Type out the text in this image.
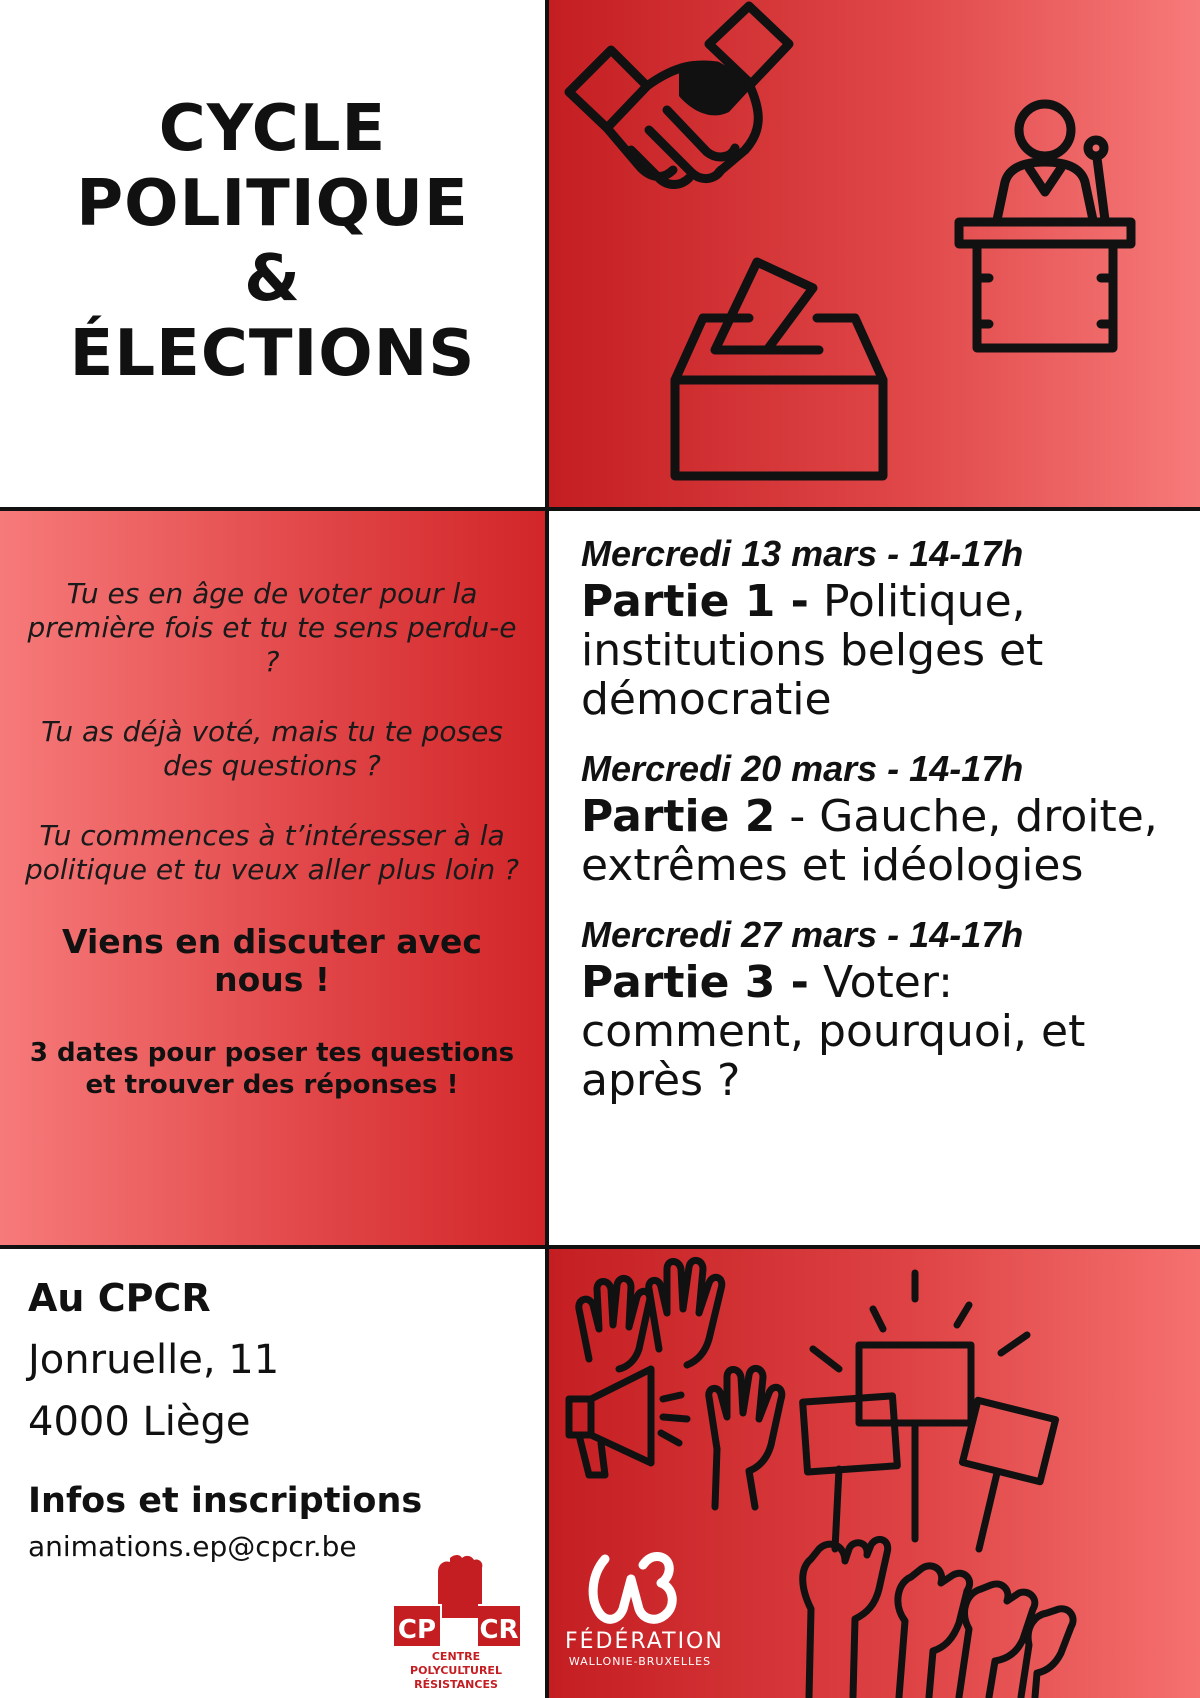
CYCLE
POLITIQUE
&
ÉLECTIONS

Tu es en âge de voter pour la première fois et tu te sens perdu-e ?

Tu as déjà voté, mais tu te poses des questions ?

Tu commences à t’intéresser à la politique et tu veux aller plus loin ?

Viens en discuter avec nous !

3 dates pour poser tes questions et trouver des réponses !

Mercredi 13 mars - 14-17h
Partie 1 - Politique, institutions belges et démocratie
Mercredi 20 mars - 14-17h
Partie 2 - Gauche, droite, extrêmes et idéologies
Mercredi 27 mars - 14-17h
Partie 3 - Voter: comment, pourquoi, et après ?
Au CPCR
Jonruelle, 11
4000 Liège
Infos et inscriptions
animations.ep@cpcr.be
CP CR
CENTRE POLYCULTUREL
RÉSISTANCES
FÉDÉRATION
WALLONIE-BRUXELLES
